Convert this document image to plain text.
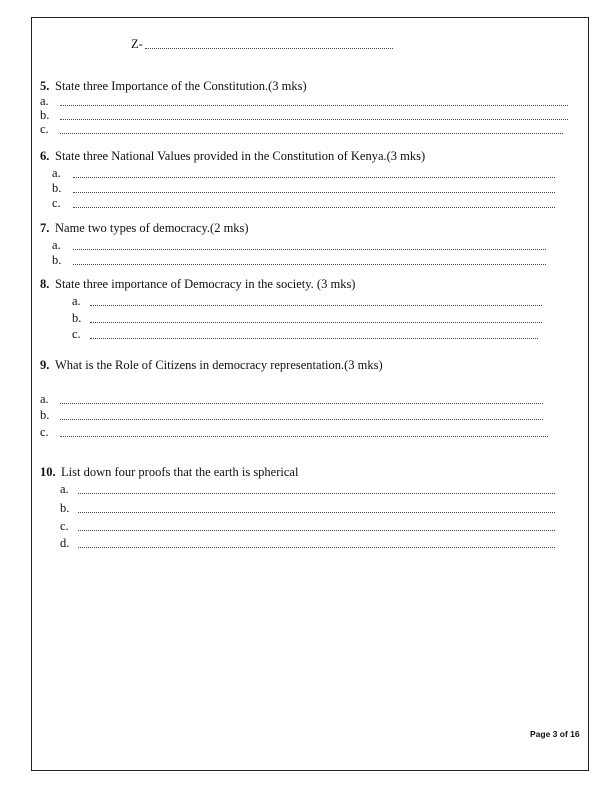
Z-
5. State three Importance of the Constitution.(3 mks)
a.
b.
c.
6. State three National Values provided in the Constitution of Kenya.(3 mks)
a.
b.
c.
7. Name two types of democracy.(2 mks)
a.
b.
8. State three importance of Democracy in the society. (3 mks)
a.
b.
c.
9. What is the Role of Citizens in democracy representation.(3 mks)
a.
b.
c.
10. List down four proofs that the earth is spherical
a.
b.
c.
d.
Page 3 of 16
